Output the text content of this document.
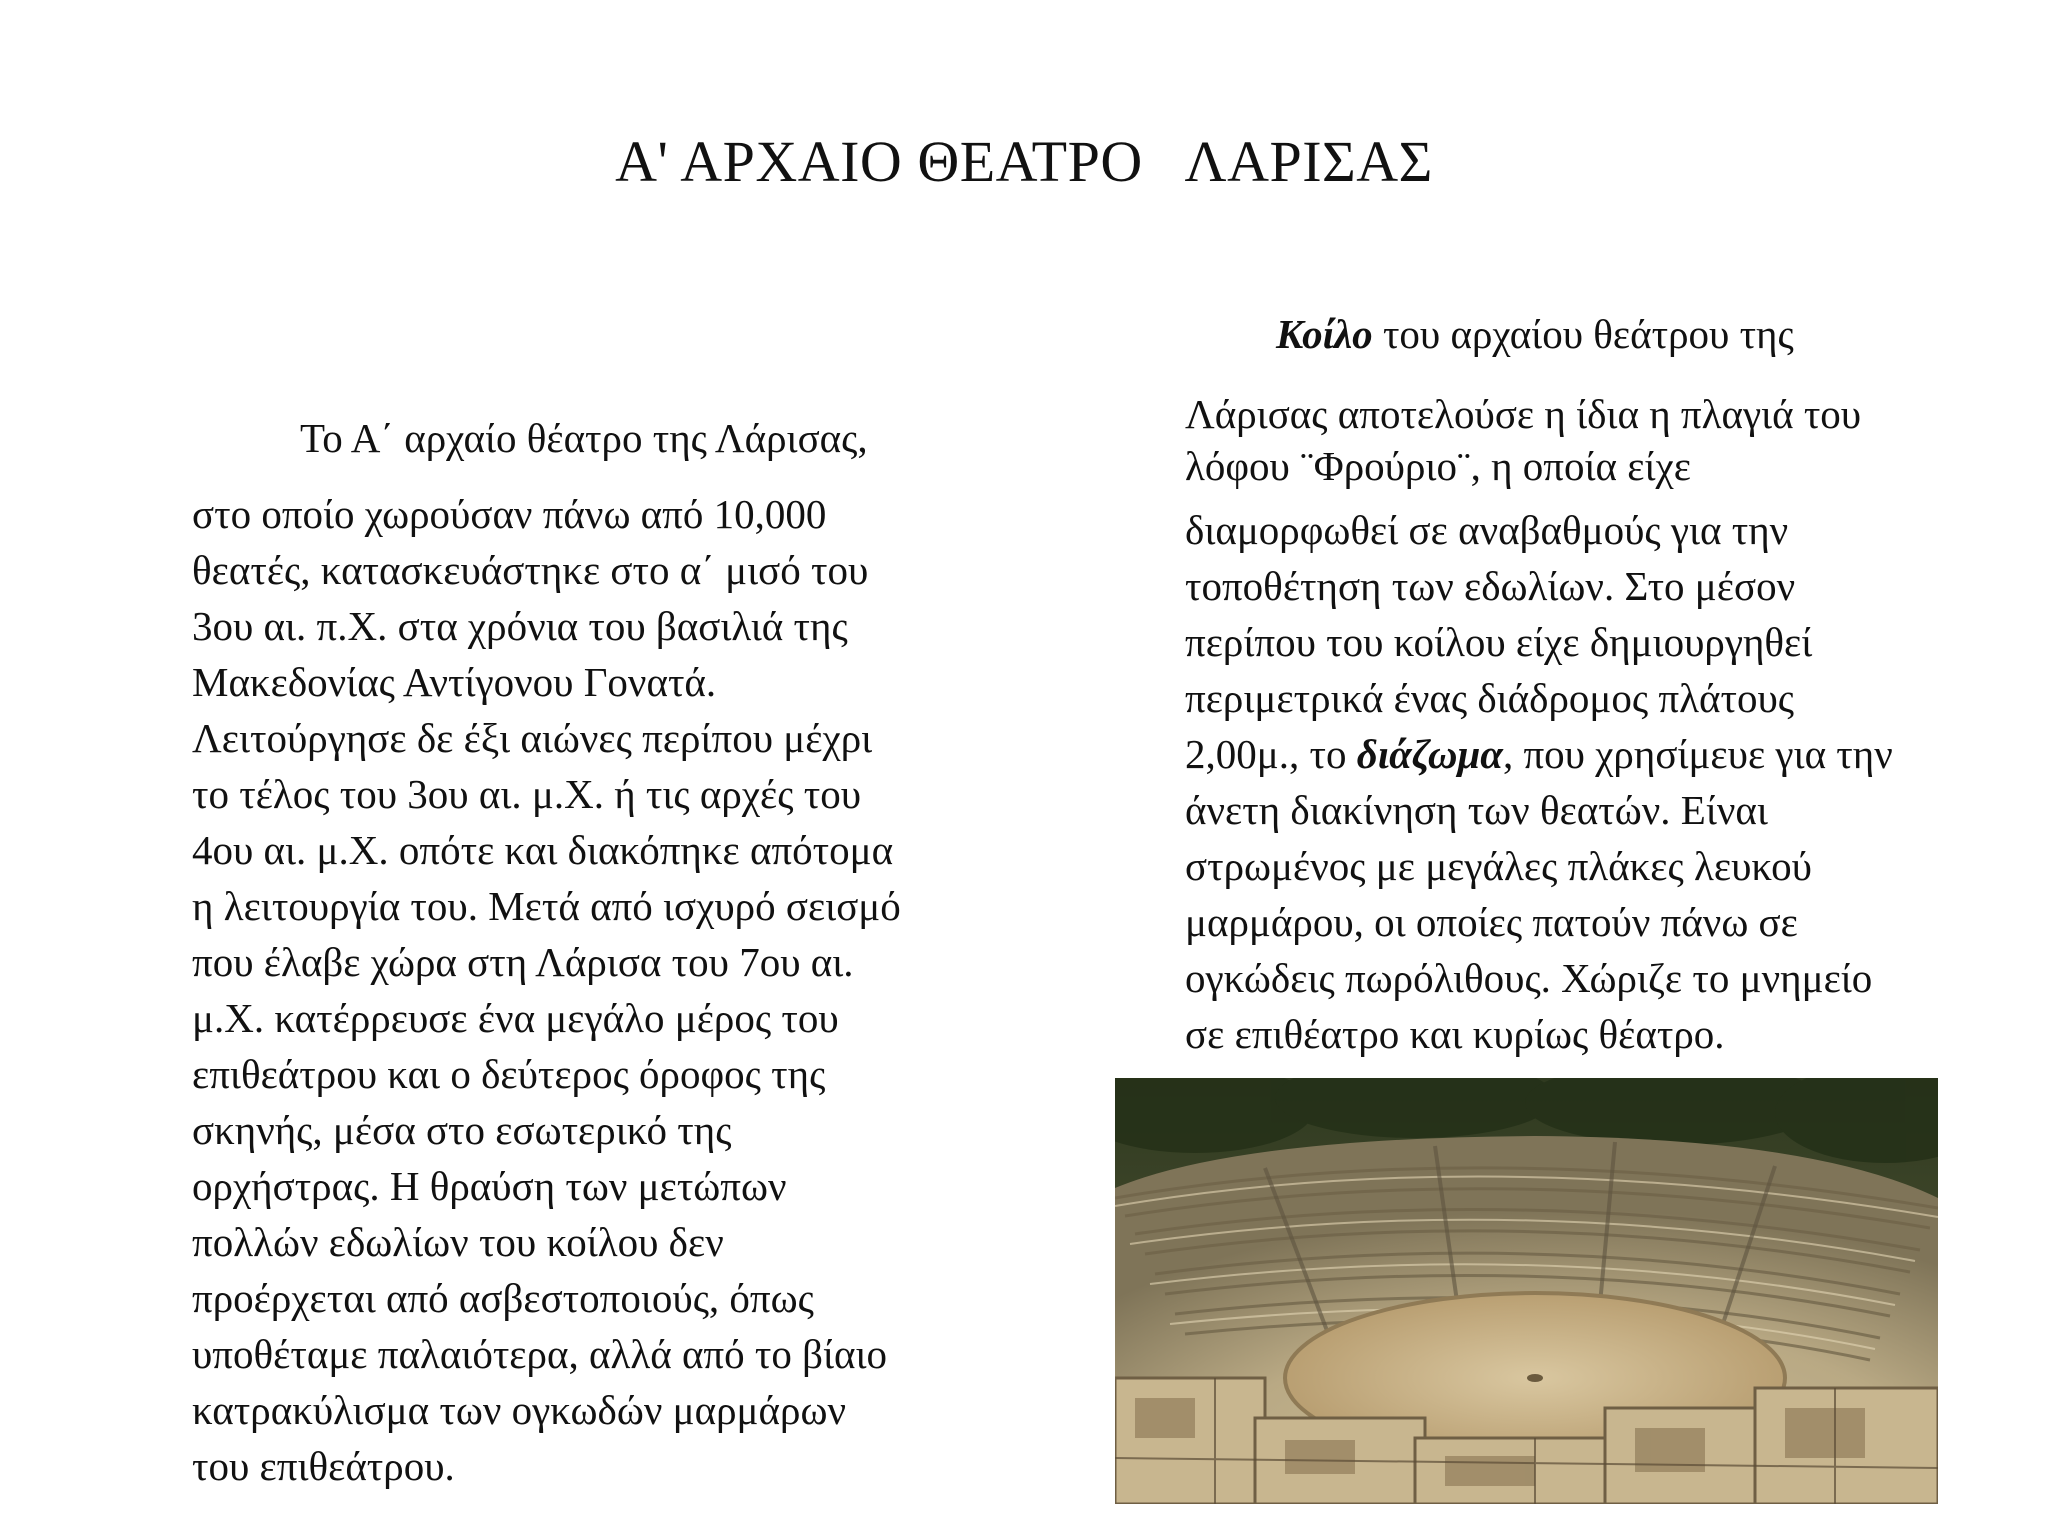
Α' ΑΡΧΑΙΟ ΘΕΑΤΡΟ   ΛΑΡΙΣΑΣ
Το Α΄ αρχαίο θέατρο της Λάρισας,
στο οποίο χωρούσαν πάνω από 10,000
θεατές, κατασκευάστηκε στο α΄ μισό του
3ου αι. π.Χ. στα χρόνια του βασιλιά της
Μακεδονίας Αντίγονου Γονατά.
Λειτούργησε δε έξι αιώνες περίπου μέχρι
το τέλος του 3ου αι. μ.Χ. ή τις αρχές του
4ου αι. μ.Χ. οπότε και διακόπηκε απότομα
η λειτουργία του. Μετά από ισχυρό σεισμό
που έλαβε χώρα στη Λάρισα του 7ου αι.
μ.Χ. κατέρρευσε ένα μεγάλο μέρος του
επιθεάτρου και ο δεύτερος όροφος της
σκηνής, μέσα στο εσωτερικό της
ορχήστρας. Η θραύση των μετώπων
πολλών εδωλίων του κοίλου δεν
προέρχεται από ασβεστοποιούς, όπως
υποθέταμε παλαιότερα, αλλά από το βίαιο
κατρακύλισμα των ογκωδών μαρμάρων
του επιθεάτρου.
Κοίλο του αρχαίου θεάτρου της
Λάρισας αποτελούσε η ίδια η πλαγιά του
λόφου ¨Φρούριο¨, η οποία είχε
διαμορφωθεί σε αναβαθμούς για την
τοποθέτηση των εδωλίων. Στο μέσον
περίπου του κοίλου είχε δημιουργηθεί
περιμετρικά ένας διάδρομος πλάτους
2,00μ., το διάζωμα, που χρησίμευε για την
άνετη διακίνηση των θεατών. Είναι
στρωμένος με μεγάλες πλάκες λευκού
μαρμάρου, οι οποίες πατούν πάνω σε
ογκώδεις πωρόλιθους. Χώριζε το μνημείο
σε επιθέατρο και κυρίως θέατρο.
